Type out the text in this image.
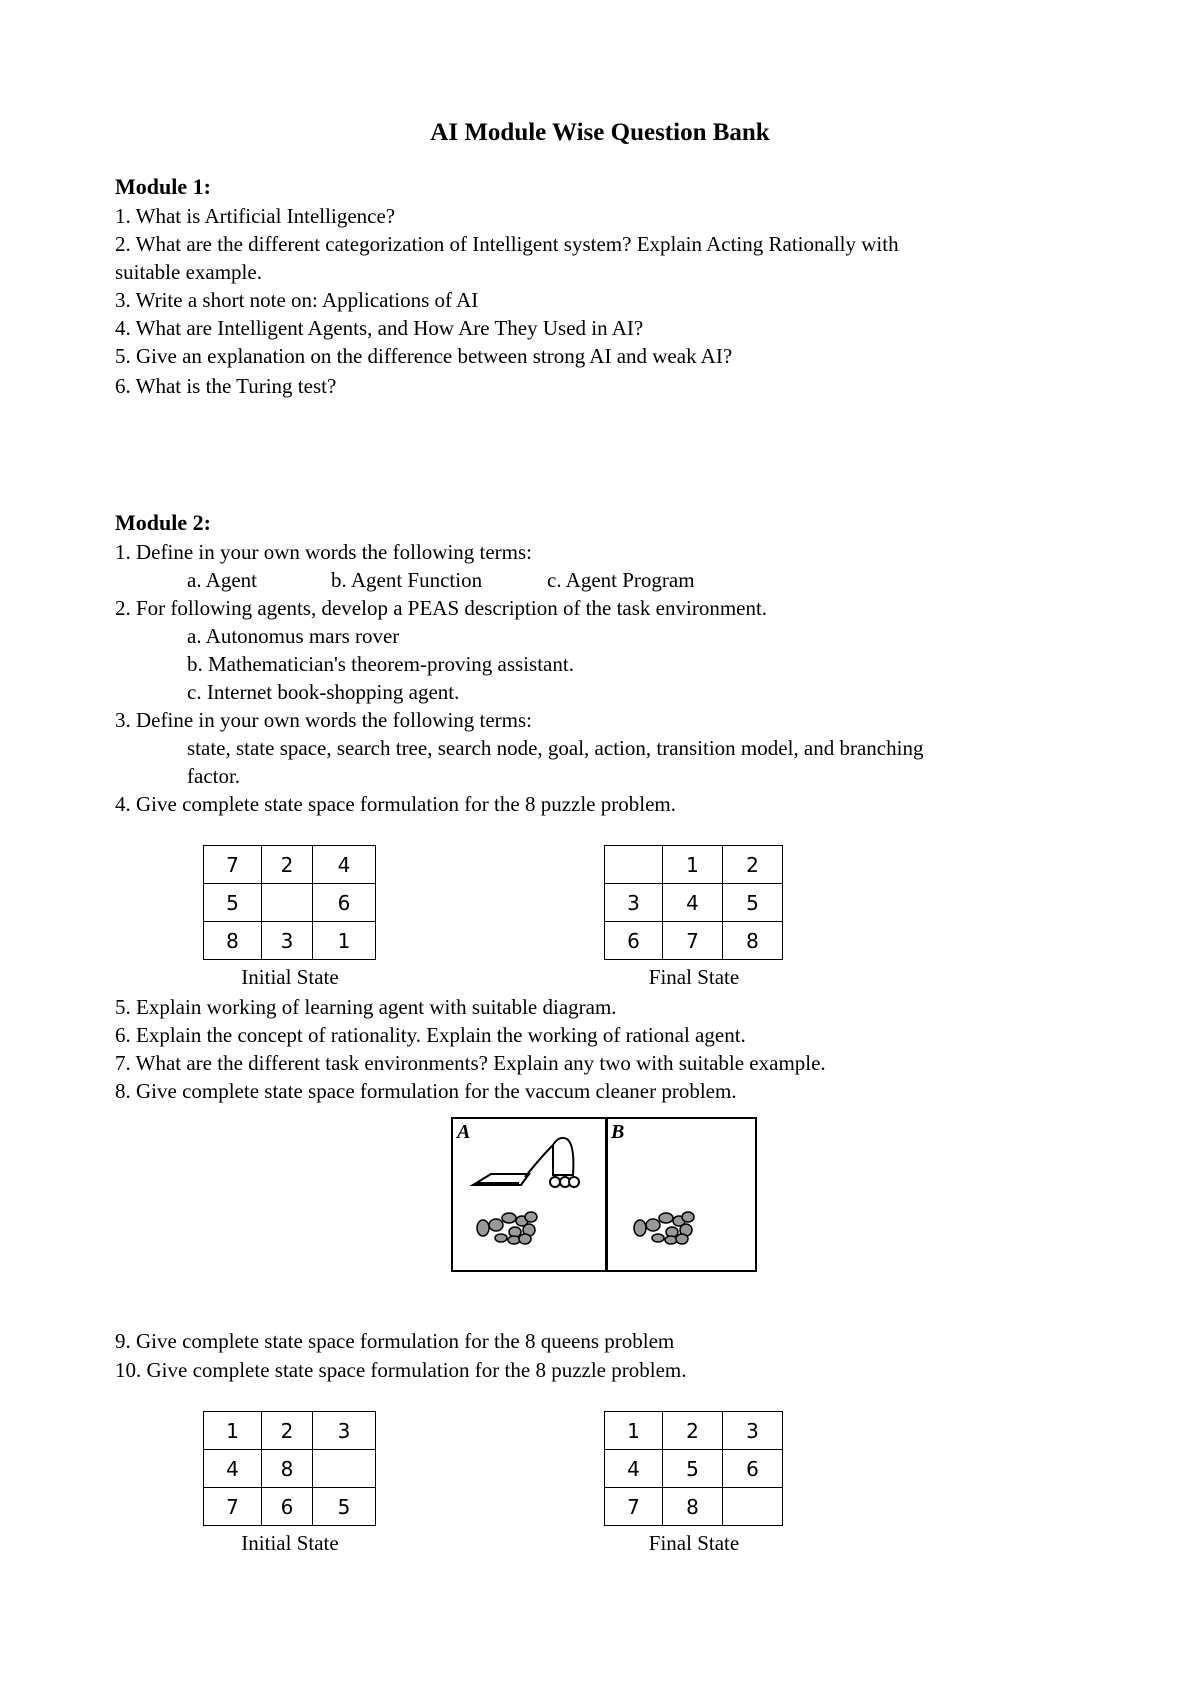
AI Module Wise Question Bank
Module 1:
1. What is Artificial Intelligence?
2. What are the different categorization of Intelligent system? Explain Acting Rationally with
suitable example.
3. Write a short note on: Applications of AI
4. What are Intelligent Agents, and How Are They Used in AI?
5. Give an explanation on the difference between strong AI and weak AI?
6. What is the Turing test?
Module 2:
1. Define in your own words the following terms:
a. Agent	b. Agent Function	c. Agent Program
2. For following agents, develop a PEAS description of the task environment.
a. Autonomus mars rover
b. Mathematician's theorem-proving assistant.
c. Internet book-shopping agent.
3. Define in your own words the following terms:
state, state space, search tree, search node, goal, action, transition model, and branching
factor.
4. Give complete state space formulation for the 8 puzzle problem.
7	2	4
5		6
8	3	1
Initial State
	1	2
3	4	5
6	7	8
Final State
5. Explain working of learning agent with suitable diagram.
6. Explain the concept of rationality. Explain the working of rational agent.
7. What are the different task environments? Explain any two with suitable example.
8. Give complete state space formulation for the vaccum cleaner problem.
A	B
9. Give complete state space formulation for the 8 queens problem
10. Give complete state space formulation for the 8 puzzle problem.
1	2	3
4	8	
7	6	5
Initial State
1	2	3
4	5	6
7	8	
Final State
